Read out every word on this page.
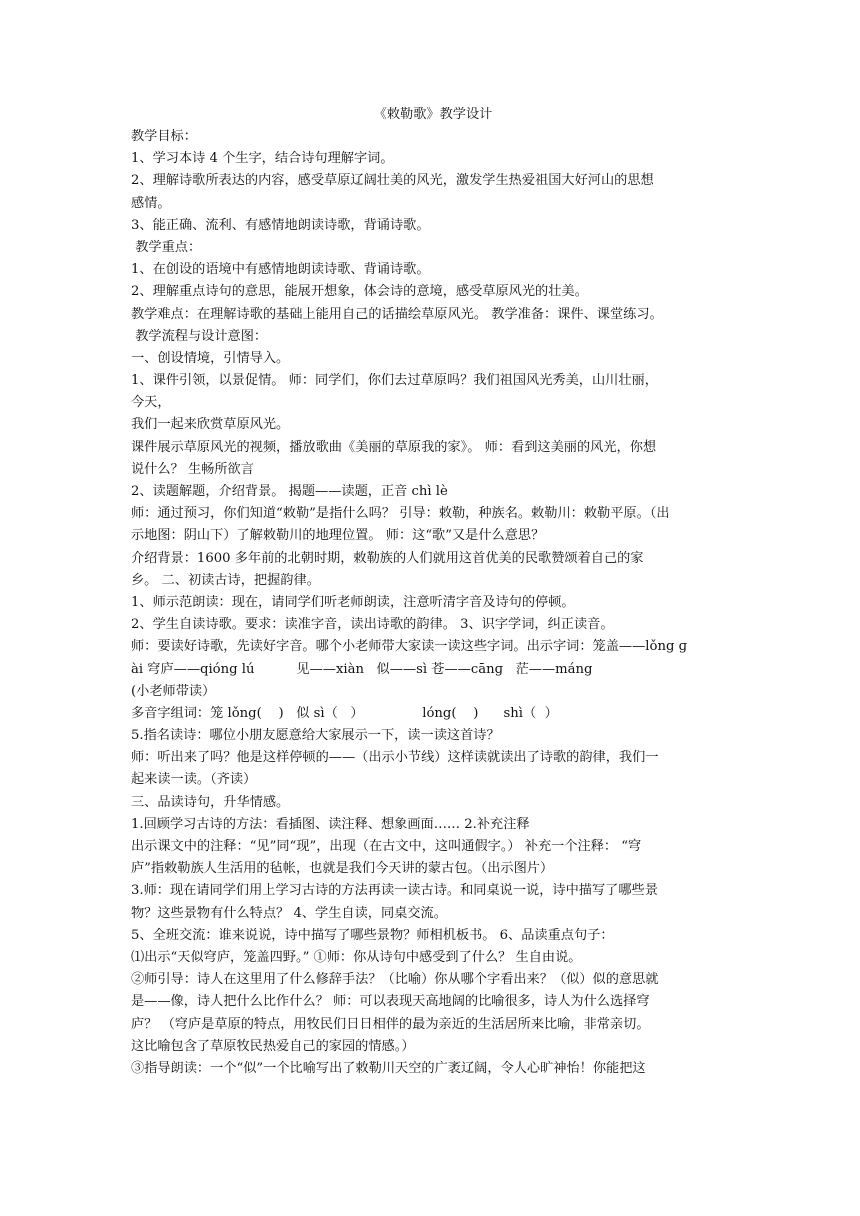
《敕勒歌》教学设计
教学目标：
1、学习本诗 4 个生字，结合诗句理解字词。
2、理解诗歌所表达的内容，感受草原辽阔壮美的风光，激发学生热爱祖国大好河山的思想
感情。
3、能正确、流利、有感情地朗读诗歌，背诵诗歌。
教学重点：
1、在创设的语境中有感情地朗读诗歌、背诵诗歌。
2、理解重点诗句的意思，能展开想象，体会诗的意境，感受草原风光的壮美。
教学难点：在理解诗歌的基础上能用自己的话描绘草原风光。 教学准备：课件、课堂练习。
教学流程与设计意图：
一、创设情境，引情导入。
1、课件引领，以景促情。 师：同学们，你们去过草原吗？我们祖国风光秀美，山川壮丽，
今天，
我们一起来欣赏草原风光。
课件展示草原风光的视频，播放歌曲《美丽的草原我的家》。 师：看到这美丽的风光，你想
说什么？ 生畅所欲言
2、读题解题，介绍背景。 揭题——读题，正音 chì lè
师：通过预习，你们知道“敕勒”是指什么吗？ 引导：敕勒，种族名。敕勒川：敕勒平原。（出
示地图：阴山下）了解敕勒川的地理位置。 师：这“歌”又是什么意思？
介绍背景：1600 多年前的北朝时期，敕勒族的人们就用这首优美的民歌赞颂着自己的家
乡。 二、初读古诗，把握韵律。
1、师示范朗读：现在，请同学们听老师朗读，注意听清字音及诗句的停顿。
2、学生自读诗歌。要求：读准字音，读出诗歌的韵律。 3、识字学词，纠正读音。
师：要读好诗歌，先读好字音。哪个小老师带大家读一读这些字词。出示字词：笼盖——lǒng ɡ
ài 穹庐——qióng lú          见——xiàn   似——sì 苍——cānɡ   茫——máng
(小老师带读）
多音字组词：笼 lǒng(    )   似 sì（   ）              lóng(    )      shì（  ）
5.指名读诗：哪位小朋友愿意给大家展示一下，读一读这首诗？
师：听出来了吗？他是这样停顿的——（出示小节线）这样读就读出了诗歌的韵律，我们一
起来读一读。（齐读）
三、品读诗句，升华情感。
1.回顾学习古诗的方法：看插图、读注释、想象画面…… 2.补充注释
出示课文中的注释：“见”同“现”，出现（在古文中，这叫通假字。） 补充一个注释： “穹
庐”指敕勒族人生活用的毡帐，也就是我们今天讲的蒙古包。（出示图片）
3.师：现在请同学们用上学习古诗的方法再读一读古诗。和同桌说一说，诗中描写了哪些景
物？这些景物有什么特点？ 4、学生自读，同桌交流。
5、全班交流：谁来说说，诗中描写了哪些景物？师相机板书。 6、品读重点句子：
⑴出示“天似穹庐，笼盖四野。” ①师：你从诗句中感受到了什么？ 生自由说。
②师引导：诗人在这里用了什么修辞手法？（比喻）你从哪个字看出来？（似）似的意思就
是——像，诗人把什么比作什么？ 师：可以表现天高地阔的比喻很多，诗人为什么选择穹
庐？ （穹庐是草原的特点，用牧民们日日相伴的最为亲近的生活居所来比喻，非常亲切。
这比喻包含了草原牧民热爱自己的家园的情感。）
③指导朗读：一个“似”一个比喻写出了敕勒川天空的广袤辽阔，令人心旷神怡！你能把这
